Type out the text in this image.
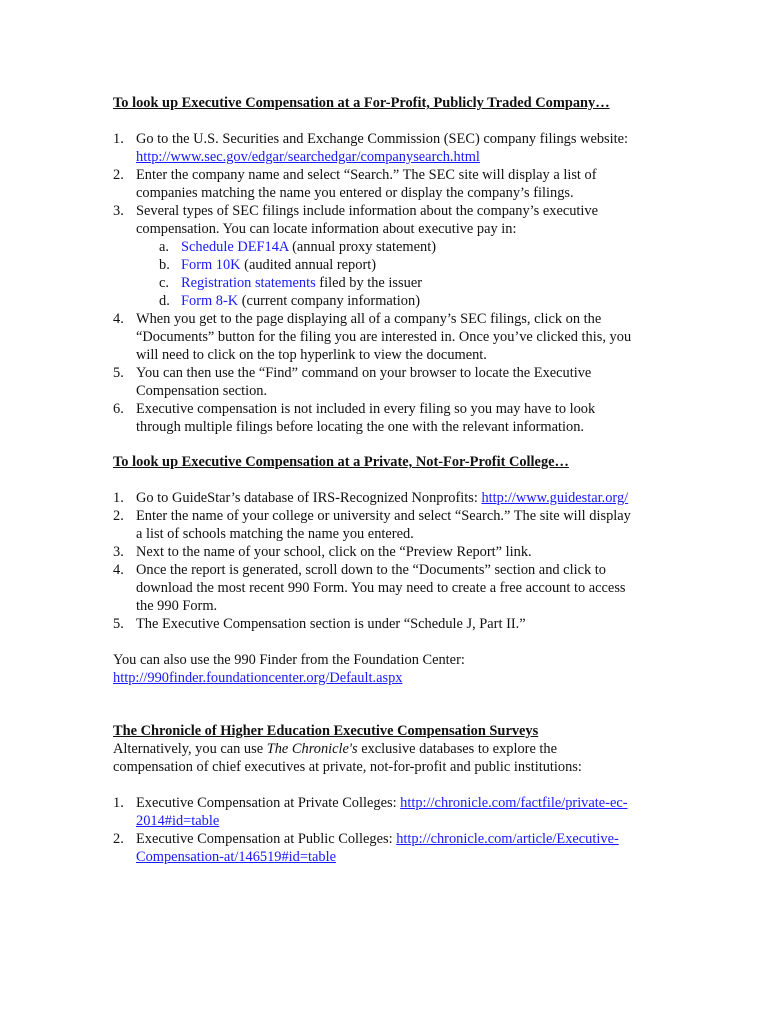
To look up Executive Compensation at a For-Profit, Publicly Traded Company…
1. Go to the U.S. Securities and Exchange Commission (SEC) company filings website:
http://www.sec.gov/edgar/searchedgar/companysearch.html
2. Enter the company name and select “Search.” The SEC site will display a list of
companies matching the name you entered or display the company’s filings.
3. Several types of SEC filings include information about the company’s executive
compensation. You can locate information about executive pay in:
a. Schedule DEF14A (annual proxy statement)
b. Form 10K (audited annual report)
c. Registration statements filed by the issuer
d. Form 8-K (current company information)
4. When you get to the page displaying all of a company’s SEC filings, click on the
“Documents” button for the filing you are interested in. Once you’ve clicked this, you
will need to click on the top hyperlink to view the document.
5. You can then use the “Find” command on your browser to locate the Executive
Compensation section.
6. Executive compensation is not included in every filing so you may have to look
through multiple filings before locating the one with the relevant information.
To look up Executive Compensation at a Private, Not-For-Profit College…
1. Go to GuideStar’s database of IRS-Recognized Nonprofits: http://www.guidestar.org/
2. Enter the name of your college or university and select “Search.” The site will display
a list of schools matching the name you entered.
3. Next to the name of your school, click on the “Preview Report” link.
4. Once the report is generated, scroll down to the “Documents” section and click to
download the most recent 990 Form. You may need to create a free account to access
the 990 Form.
5. The Executive Compensation section is under “Schedule J, Part II.”
You can also use the 990 Finder from the Foundation Center:
http://990finder.foundationcenter.org/Default.aspx
The Chronicle of Higher Education Executive Compensation Surveys
Alternatively, you can use The Chronicle's exclusive databases to explore the
compensation of chief executives at private, not-for-profit and public institutions:
1. Executive Compensation at Private Colleges: http://chronicle.com/factfile/private-ec-
2014#id=table
2. Executive Compensation at Public Colleges: http://chronicle.com/article/Executive-
Compensation-at/146519#id=table
